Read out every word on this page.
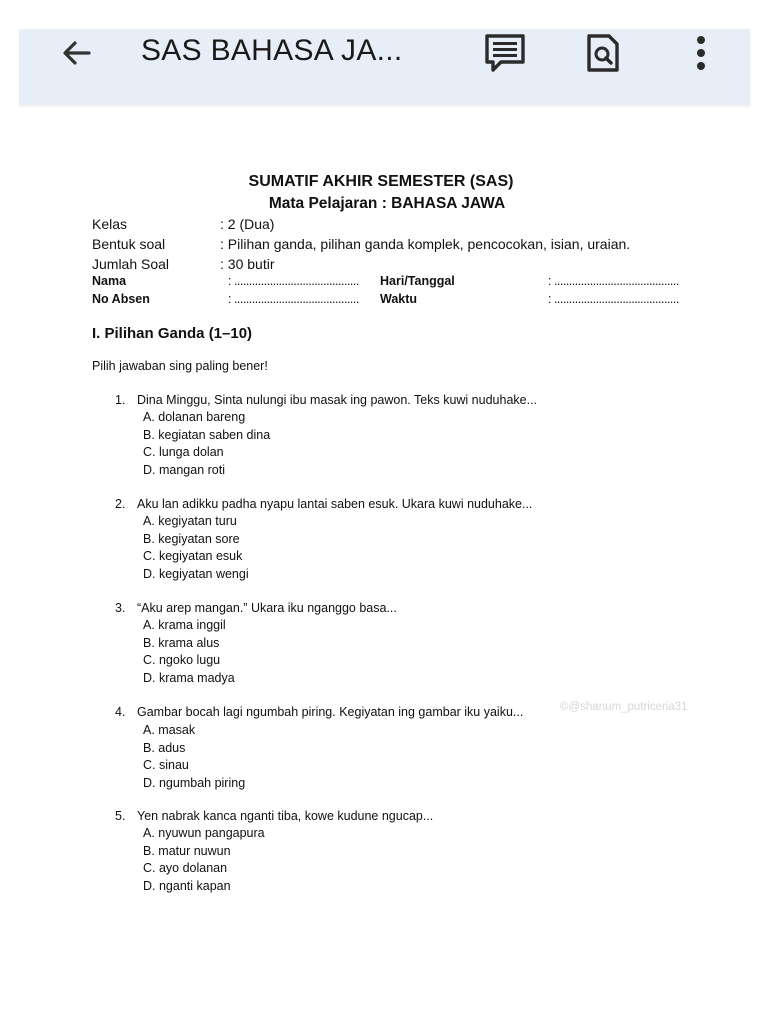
SAS BAHASA JA...
SUMATIF AKHIR SEMESTER (SAS)
Mata Pelajaran : BAHASA JAWA
Kelas	: 2 (Dua)
Bentuk soal	: Pilihan ganda, pilihan ganda komplek, pencocokan, isian, uraian.
Jumlah Soal	: 30 butir
Nama	: .......................................... Hari/Tanggal	: ..........................................
No Absen	: .......................................... Waktu	: ..........................................
I. Pilihan Ganda (1–10)
Pilih jawaban sing paling bener!
1. Dina Minggu, Sinta nulungi ibu masak ing pawon. Teks kuwi nuduhake...
A. dolanan bareng
B. kegiatan saben dina
C. lunga dolan
D. mangan roti
2. Aku lan adikku padha nyapu lantai saben esuk. Ukara kuwi nuduhake...
A. kegiyatan turu
B. kegiyatan sore
C. kegiyatan esuk
D. kegiyatan wengi
3. “Aku arep mangan.” Ukara iku nganggo basa...
A. krama inggil
B. krama alus
C. ngoko lugu
D. krama madya
4. Gambar bocah lagi ngumbah piring. Kegiyatan ing gambar iku yaiku...
A. masak
B. adus
C. sinau
D. ngumbah piring
5. Yen nabrak kanca nganti tiba, kowe kudune ngucap...
A. nyuwun pangapura
B. matur nuwun
C. ayo dolanan
D. nganti kapan
©@shanum_putriceria31
